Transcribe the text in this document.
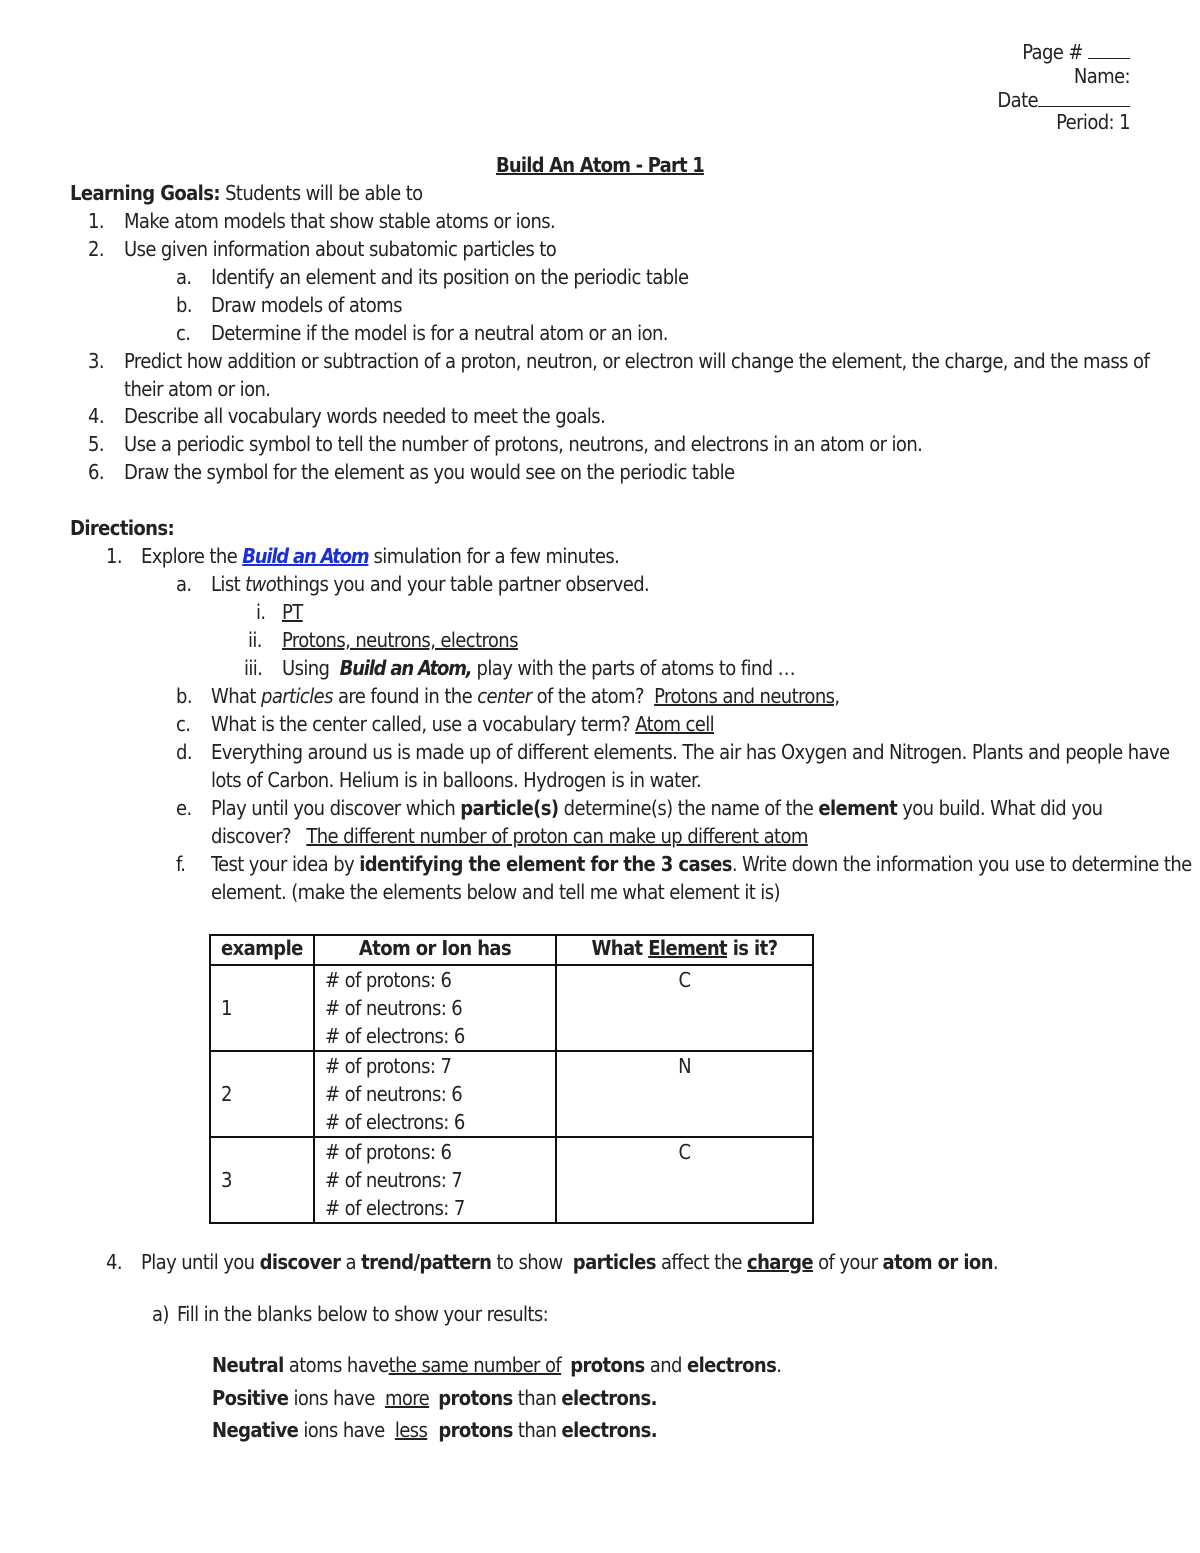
Page #
Name:
Date
Period: 1
Build An Atom - Part 1
Learning Goals: Students will be able to
1. Make atom models that show stable atoms or ions.
2. Use given information about subatomic particles to
a. Identify an element and its position on the periodic table
b. Draw models of atoms
c. Determine if the model is for a neutral atom or an ion.
3. Predict how addition or subtraction of a proton, neutron, or electron will change the element, the charge, and the mass of
their atom or ion.
4. Describe all vocabulary words needed to meet the goals.
5. Use a periodic symbol to tell the number of protons, neutrons, and electrons in an atom or ion.
6. Draw the symbol for the element as you would see on the periodic table
Directions:
1. Explore the Build an Atom simulation for a few minutes.
a. List twothings you and your table partner observed.
i. PT
ii. Protons, neutrons, electrons
iii. Using Build an Atom, play with the parts of atoms to find …
b. What particles are found in the center of the atom? Protons and neutrons,
c. What is the center called, use a vocabulary term? Atom cell
d. Everything around us is made up of different elements. The air has Oxygen and Nitrogen. Plants and people have
lots of Carbon. Helium is in balloons. Hydrogen is in water.
e. Play until you discover which particle(s) determine(s) the name of the element you build. What did you
discover? The different number of proton can make up different atom
f. Test your idea by identifying the element for the 3 cases. Write down the information you use to determine the
element. (make the elements below and tell me what element it is)
example	Atom or Ion has	What Element is it?
1	# of protons: 6
# of neutrons: 6
# of electrons: 6	C

2	# of protons: 7
# of neutrons: 6
# of electrons: 6	N

3	# of protons: 6
# of neutrons: 7
# of electrons: 7	C
4. Play until you discover a trend/pattern to show particles affect the charge of your atom or ion.
a) Fill in the blanks below to show your results:
Neutral atoms havethe same number of protons and electrons.
Positive ions have more protons than electrons.
Negative ions have less protons than electrons.
